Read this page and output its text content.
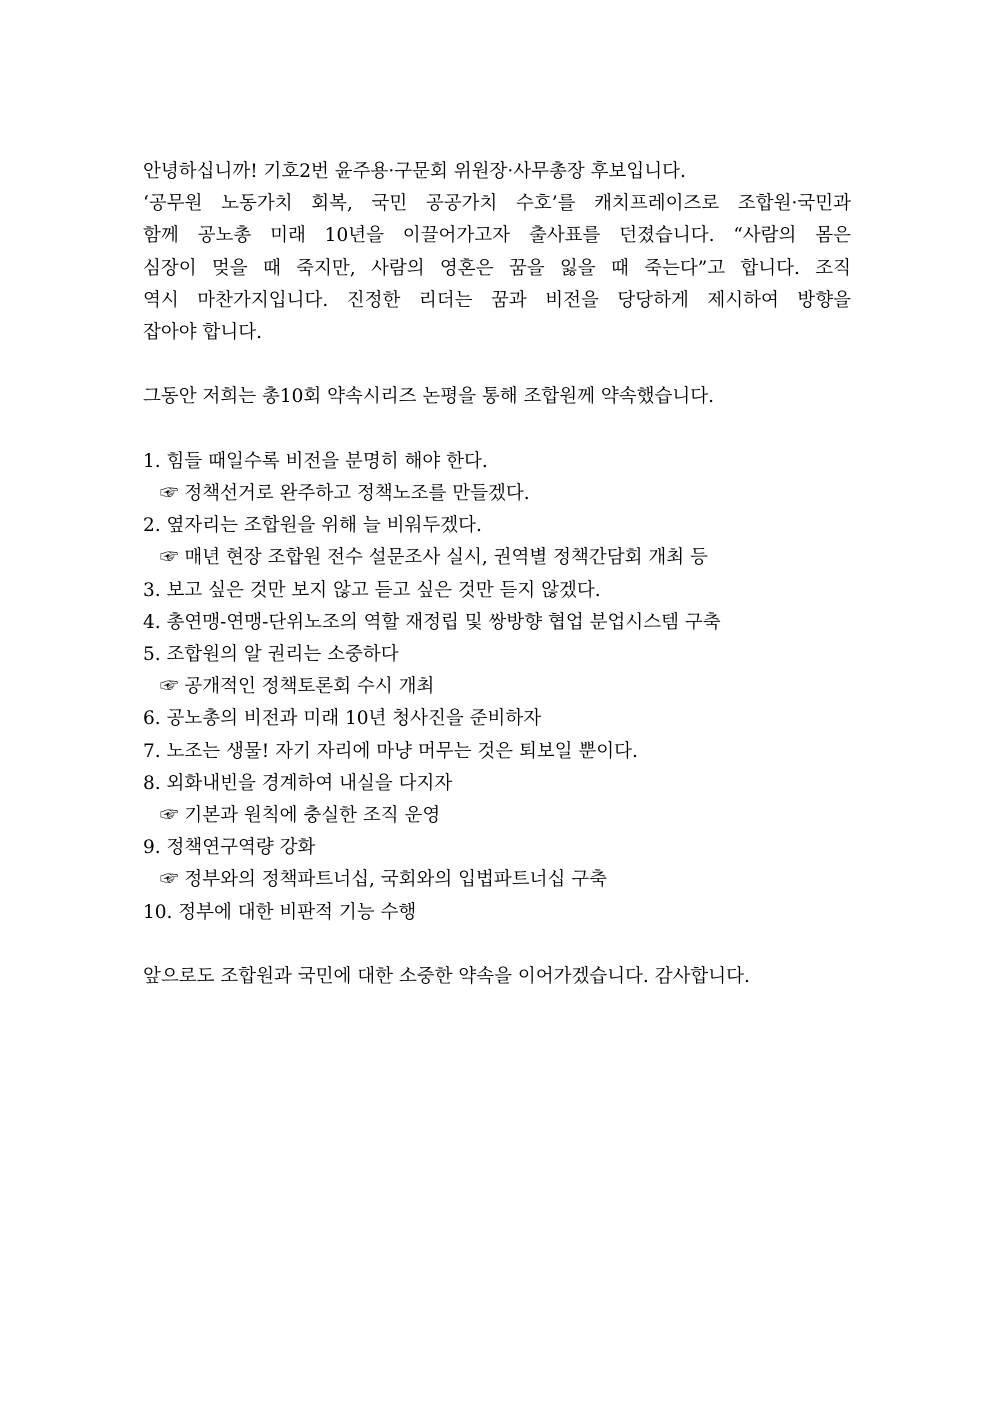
안녕하십니까! 기호2번 윤주용·구문회 위원장·사무총장 후보입니다.

‘공무원 노동가치 회복, 국민 공공가치 수호’를 캐치프레이즈로 조합원·국민과
함께 공노총 미래 10년을 이끌어가고자 출사표를 던졌습니다. “사람의 몸은
심장이 멎을 때 죽지만, 사람의 영혼은 꿈을 잃을 때 죽는다”고 합니다. 조직
역시 마찬가지입니다. 진정한 리더는 꿈과 비전을 당당하게 제시하여 방향을
잡아야 합니다.

그동안 저희는 총10회 약속시리즈 논평을 통해 조합원께 약속했습니다.

1. 힘들 때일수록 비전을 분명히 해야 한다.
☞ 정책선거로 완주하고 정책노조를 만들겠다.
2. 옆자리는 조합원을 위해 늘 비워두겠다.
☞ 매년 현장 조합원 전수 설문조사 실시, 권역별 정책간담회 개최 등
3. 보고 싶은 것만 보지 않고 듣고 싶은 것만 듣지 않겠다.
4. 총연맹-연맹-단위노조의 역할 재정립 및 쌍방향 협업 분업시스템 구축
5. 조합원의 알 권리는 소중하다
☞ 공개적인 정책토론회 수시 개최
6. 공노총의 비전과 미래 10년 청사진을 준비하자
7. 노조는 생물! 자기 자리에 마냥 머무는 것은 퇴보일 뿐이다.
8. 외화내빈을 경계하여 내실을 다지자
☞ 기본과 원칙에 충실한 조직 운영
9. 정책연구역량 강화
☞ 정부와의 정책파트너십, 국회와의 입법파트너십 구축
10. 정부에 대한 비판적 기능 수행

앞으로도 조합원과 국민에 대한 소중한 약속을 이어가겠습니다. 감사합니다.
